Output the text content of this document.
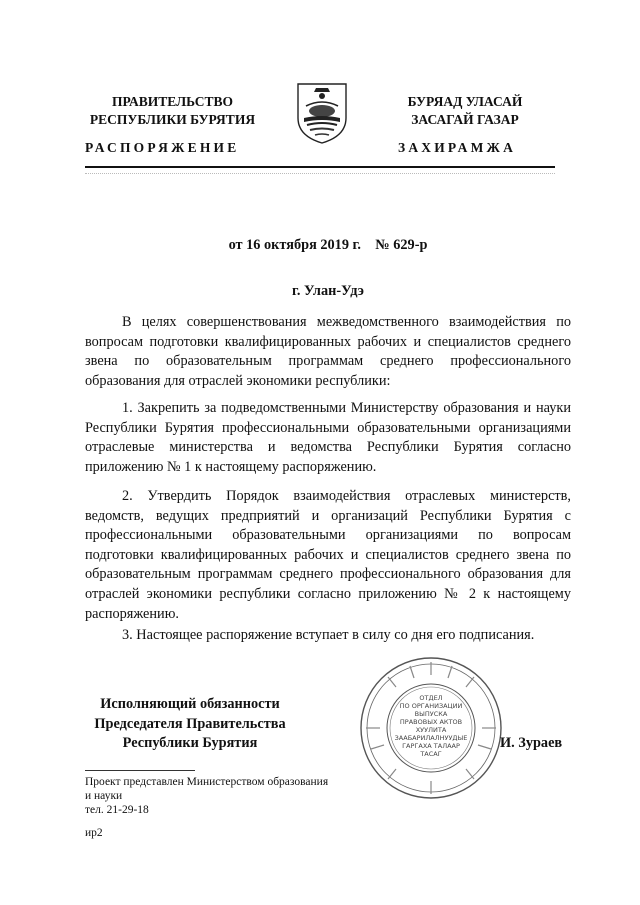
ПРАВИТЕЛЬСТВО
РЕСПУБЛИКИ БУРЯТИЯ
БУРЯАД УЛАСАЙ
ЗАСАГАЙ ГАЗАР
РАСПОРЯЖЕНИЕ	ЗАХИРАМЖА
от 16 октября 2019 г.    № 629-р
г. Улан-Удэ
В целях совершенствования межведомственного взаимодействия по вопросам подготовки квалифицированных рабочих и специалистов среднего звена по образовательным программам среднего профессионального образования для отраслей экономики республики:
1. Закрепить за подведомственными Министерству образования и науки Республики Бурятия профессиональными образовательными организациями отраслевые министерства и ведомства Республики Бурятия согласно приложению № 1 к настоящему распоряжению.
2. Утвердить Порядок взаимодействия отраслевых министерств, ведомств, ведущих предприятий и организаций Республики Бурятия с профессиональными образовательными организациями по вопросам подготовки квалифицированных рабочих и специалистов среднего звена по образовательным программам среднего профессионального образования для отраслей экономики республики согласно приложению № 2 к настоящему распоряжению.
3. Настоящее распоряжение вступает в силу со дня его подписания.
Исполняющий обязанности
Председателя Правительства
Республики Бурятия
ОТДЕЛ
ПО ОРГАНИЗАЦИИ
ВЫПУСКА
ПРАВОВЫХ АКТОВ
ХУУЛИТА
ЗААБАРИЛАЛНУУДЫЕ
ГАРГАХА ТАЛААР
ТАСАГ
И. Зураев
Проект представлен Министерством образования
и науки
тел. 21-29-18
ир2
